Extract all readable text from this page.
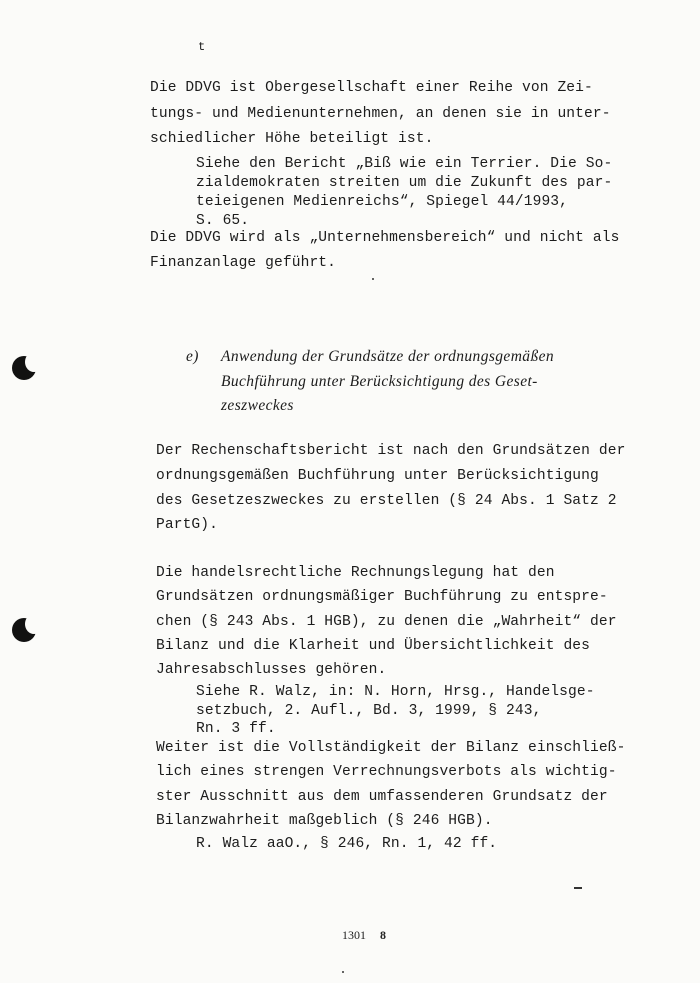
t
Die DDVG ist Obergesellschaft einer Reihe von Zei-
tungs- und Medienunternehmen, an denen sie in unter-
schiedlicher Höhe beteiligt ist.
Siehe den Bericht „Biß wie ein Terrier. Die So-
zialdemokraten streiten um die Zukunft des par-
teieigenen Medienreichs“, Spiegel 44/1993,
S. 65.
Die DDVG wird als „Unternehmensbereich“ und nicht als
Finanzanlage geführt.
e) Anwendung der Grundsätze der ordnungsgemäßen
Buchführung unter Berücksichtigung des Geset-
zeszweckes
Der Rechenschaftsbericht ist nach den Grundsätzen der
ordnungsgemäßen Buchführung unter Berücksichtigung
des Gesetzeszweckes zu erstellen (§ 24 Abs. 1 Satz 2
PartG).
Die handelsrechtliche Rechnungslegung hat den
Grundsätzen ordnungsmäßiger Buchführung zu entspre-
chen (§ 243 Abs. 1 HGB), zu denen die „Wahrheit“ der
Bilanz und die Klarheit und Übersichtlichkeit des
Jahresabschlusses gehören.
Siehe R. Walz, in: N. Horn, Hrsg., Handelsge-
setzbuch, 2. Aufl., Bd. 3, 1999, § 243,
Rn. 3 ff.
Weiter ist die Vollständigkeit der Bilanz einschließ-
lich eines strengen Verrechnungsverbots als wichtig-
ster Ausschnitt aus dem umfassenderen Grundsatz der
Bilanzwahrheit maßgeblich (§ 246 HGB).
R. Walz aaO., § 246, Rn. 1, 42 ff.
1301 8
